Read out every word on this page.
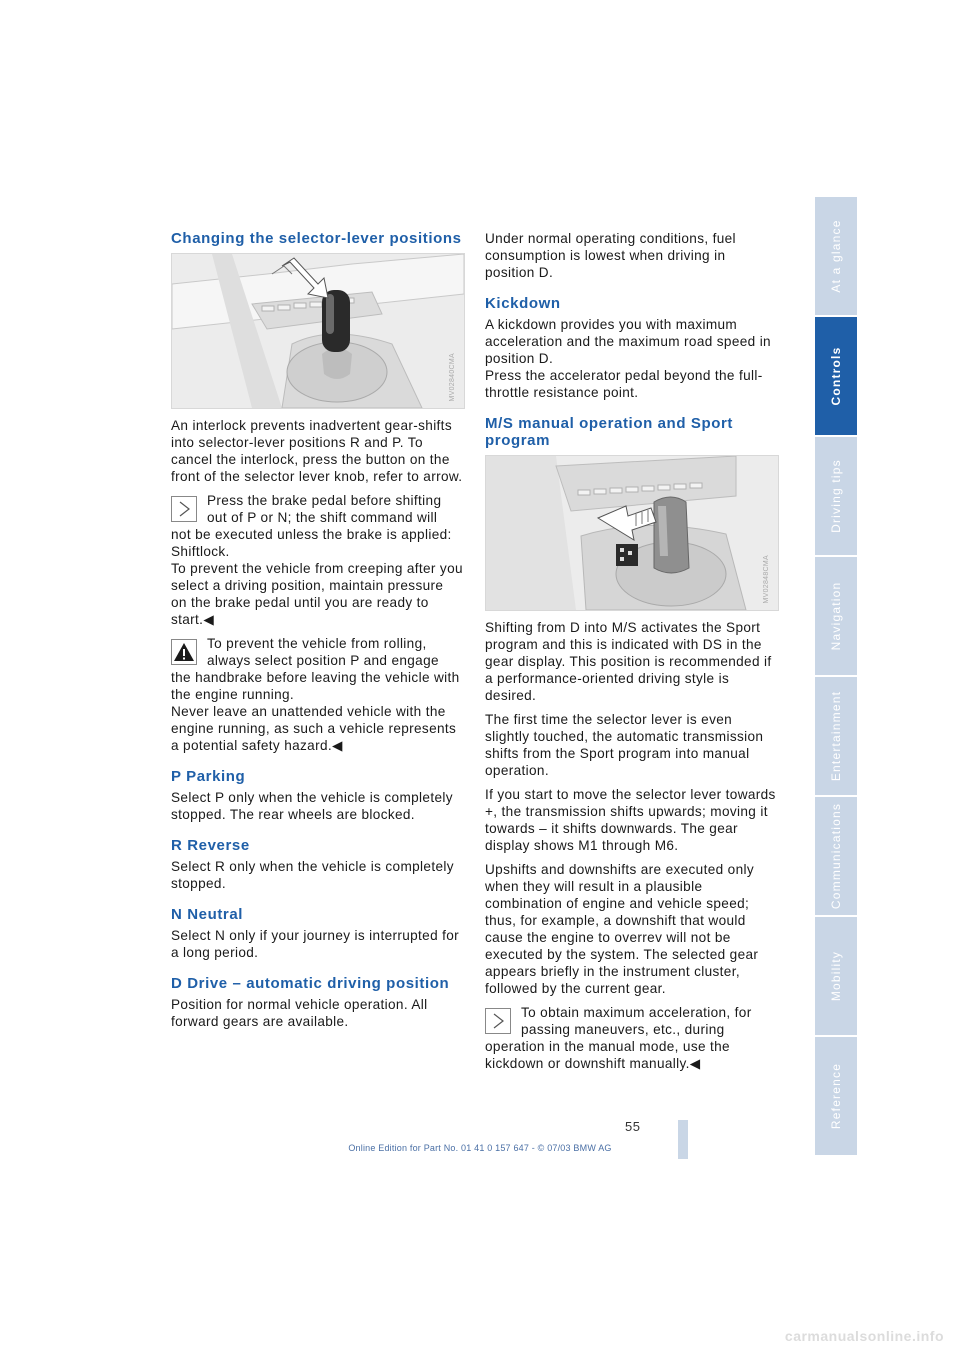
At a glance
Controls
Driving tips
Navigation
Entertainment
Communications
Mobility
Reference
Changing the selector-lever positions
MV02840CMA

An interlock prevents inadvertent gear-shifts into selector-lever positions R and P. To cancel the interlock, press the button on the front of the selector lever knob, refer to arrow.

Press the brake pedal before shifting out of P or N; the shift command will
not be executed unless the brake is applied: Shiftlock.
To prevent the vehicle from creeping after you select a driving position, maintain pressure on the brake pedal until you are ready to start.◀
To prevent the vehicle from rolling, always select position P and engage
the handbrake before leaving the vehicle with the engine running.
Never leave an unattended vehicle with the engine running, as such a vehicle represents a potential safety hazard.◀
P Parking

Select P only when the vehicle is completely stopped. The rear wheels are blocked.

R Reverse

Select R only when the vehicle is completely stopped.

N Neutral

Select N only if your journey is interrupted for a long period.

D Drive – automatic driving position

Position for normal vehicle operation. All forward gears are available.

Under normal operating conditions, fuel consumption is lowest when driving in position D.

Kickdown

A kickdown provides you with maximum acceleration and the maximum road speed in position D.
Press the accelerator pedal beyond the full-throttle resistance point.

M/S manual operation and Sport program
MV02848CMA

Shifting from D into M/S activates the Sport program and this is indicated with DS in the gear display. This position is recommended if a performance-oriented driving style is desired.

The first time the selector lever is even slightly touched, the automatic transmission shifts from the Sport program into manual operation.

If you start to move the selector lever towards +, the transmission shifts upwards; moving it towards – it shifts downwards. The gear display shows M1 through M6.

Upshifts and downshifts are executed only when they will result in a plausible combination of engine and vehicle speed; thus, for example, a downshift that would cause the engine to overrev will not be executed by the system. The selected gear appears briefly in the instrument cluster, followed by the current gear.

To obtain maximum acceleration, for passing maneuvers, etc., during
operation in the manual mode, use the kickdown or downshift manually.◀
55
Online Edition for Part No. 01 41 0 157 647 - © 07/03 BMW AG
carmanualsonline.info
